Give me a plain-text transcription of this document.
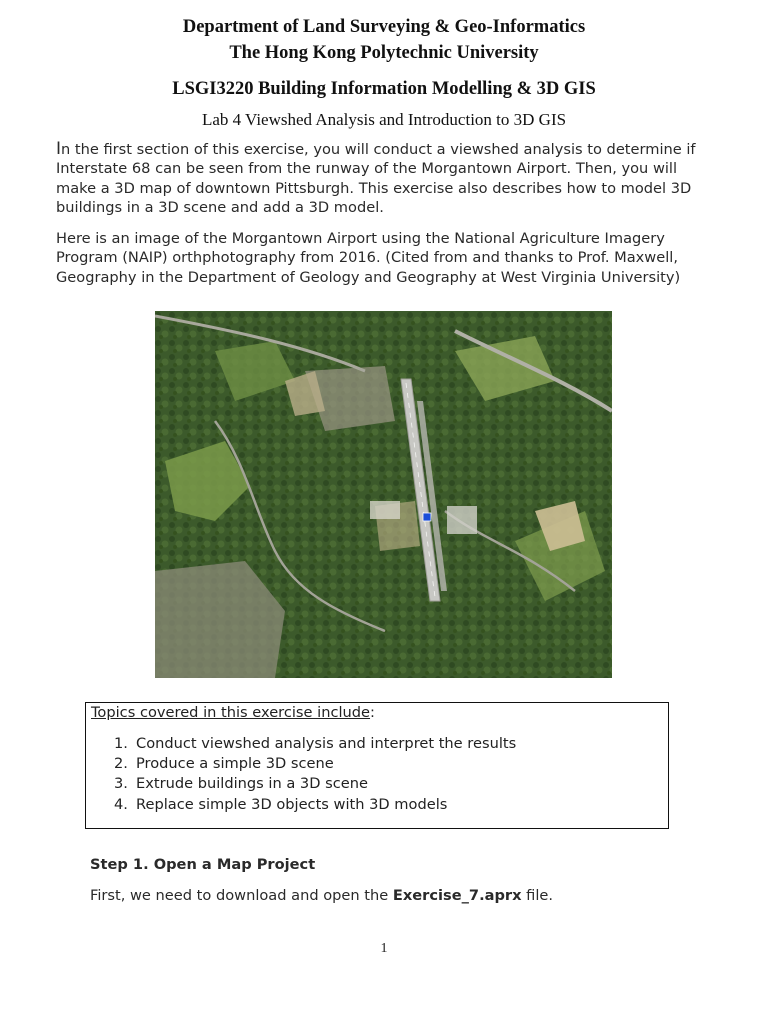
Department of Land Surveying & Geo-Informatics
The Hong Kong Polytechnic University
LSGI3220 Building Information Modelling & 3D GIS
Lab 4 Viewshed Analysis and Introduction to 3D GIS
In the first section of this exercise, you will conduct a viewshed analysis to determine if Interstate 68 can be seen from the runway of the Morgantown Airport. Then, you will make a 3D map of downtown Pittsburgh. This exercise also describes how to model 3D buildings in a 3D scene and add a 3D model.
Here is an image of the Morgantown Airport using the National Agriculture Imagery Program (NAIP) orthphotography from 2016. (Cited from and thanks to Prof. Maxwell, Geography in the Department of Geology and Geography at West Virginia University)
Topics covered in this exercise include:
1. Conduct viewshed analysis and interpret the results
2. Produce a simple 3D scene
3. Extrude buildings in a 3D scene
4. Replace simple 3D objects with 3D models
Step 1. Open a Map Project
First, we need to download and open the Exercise_7.aprx file.
1
